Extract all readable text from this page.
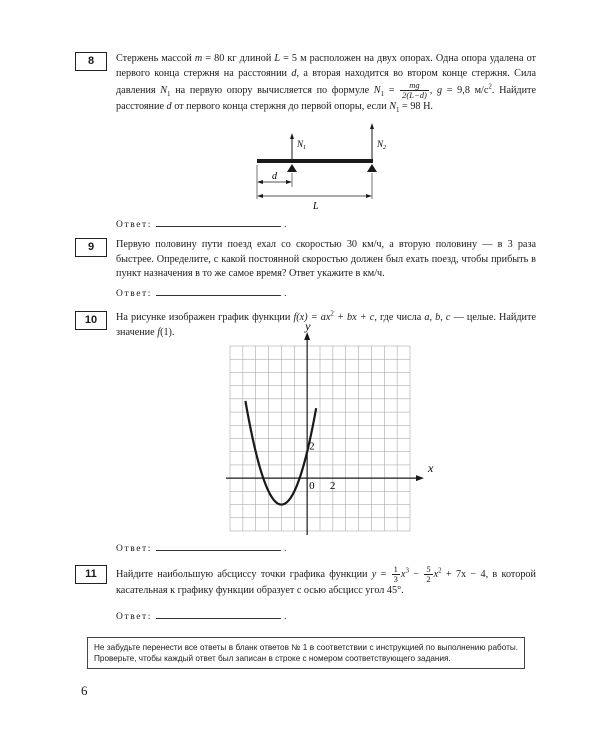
8	Стержень массой m = 80 кг длиной L = 5 м расположен на двух опорах. Одна опора удалена от первого конца стержня на расстоянии d, а вторая находится во втором конце стержня. Сила давления $N_1$ на первую опору вычисляется по формуле $N_1 = \frac{mg}{2(L-d)}$ , g = 9,8 $м/с^2$. Найдите расстояние d от первого конца стержня до первой опоры, если $N_1 = 98$ Н.
$N_1$	$N_2$
d
L
Ответ:	.
9	Первую половину пути поезд ехал со скоростью 30 км/ч, а вторую половину — в 3 раза быстрее. Определите, с какой постоянной скоростью должен был ехать поезд, чтобы прибыть в пункт назначения в то же самое время? Ответ укажите в км/ч.
Ответ:	.
10	На рисунке изображен график функции $f(x) = ax^2$ + bx + c, где числа a, b, c — целые. Найдите значение f(1).
x
y
0 2
2
Ответ:	.
11	Найдите наибольшую абсциссу точки графика функции $y = \frac{1}{3} x^3 - \frac{5}{2} x^2 + 7x - 4$, в которой касательная к графику функции образует с осью абсцисс угол 45°.
Ответ:	.
Не забудьте перенести все ответы в бланк ответов № 1 в соответствии с инструкцией по выполнению работы. Проверьте, чтобы каждый ответ был записан в строке с номером соответствующего задания.
6
